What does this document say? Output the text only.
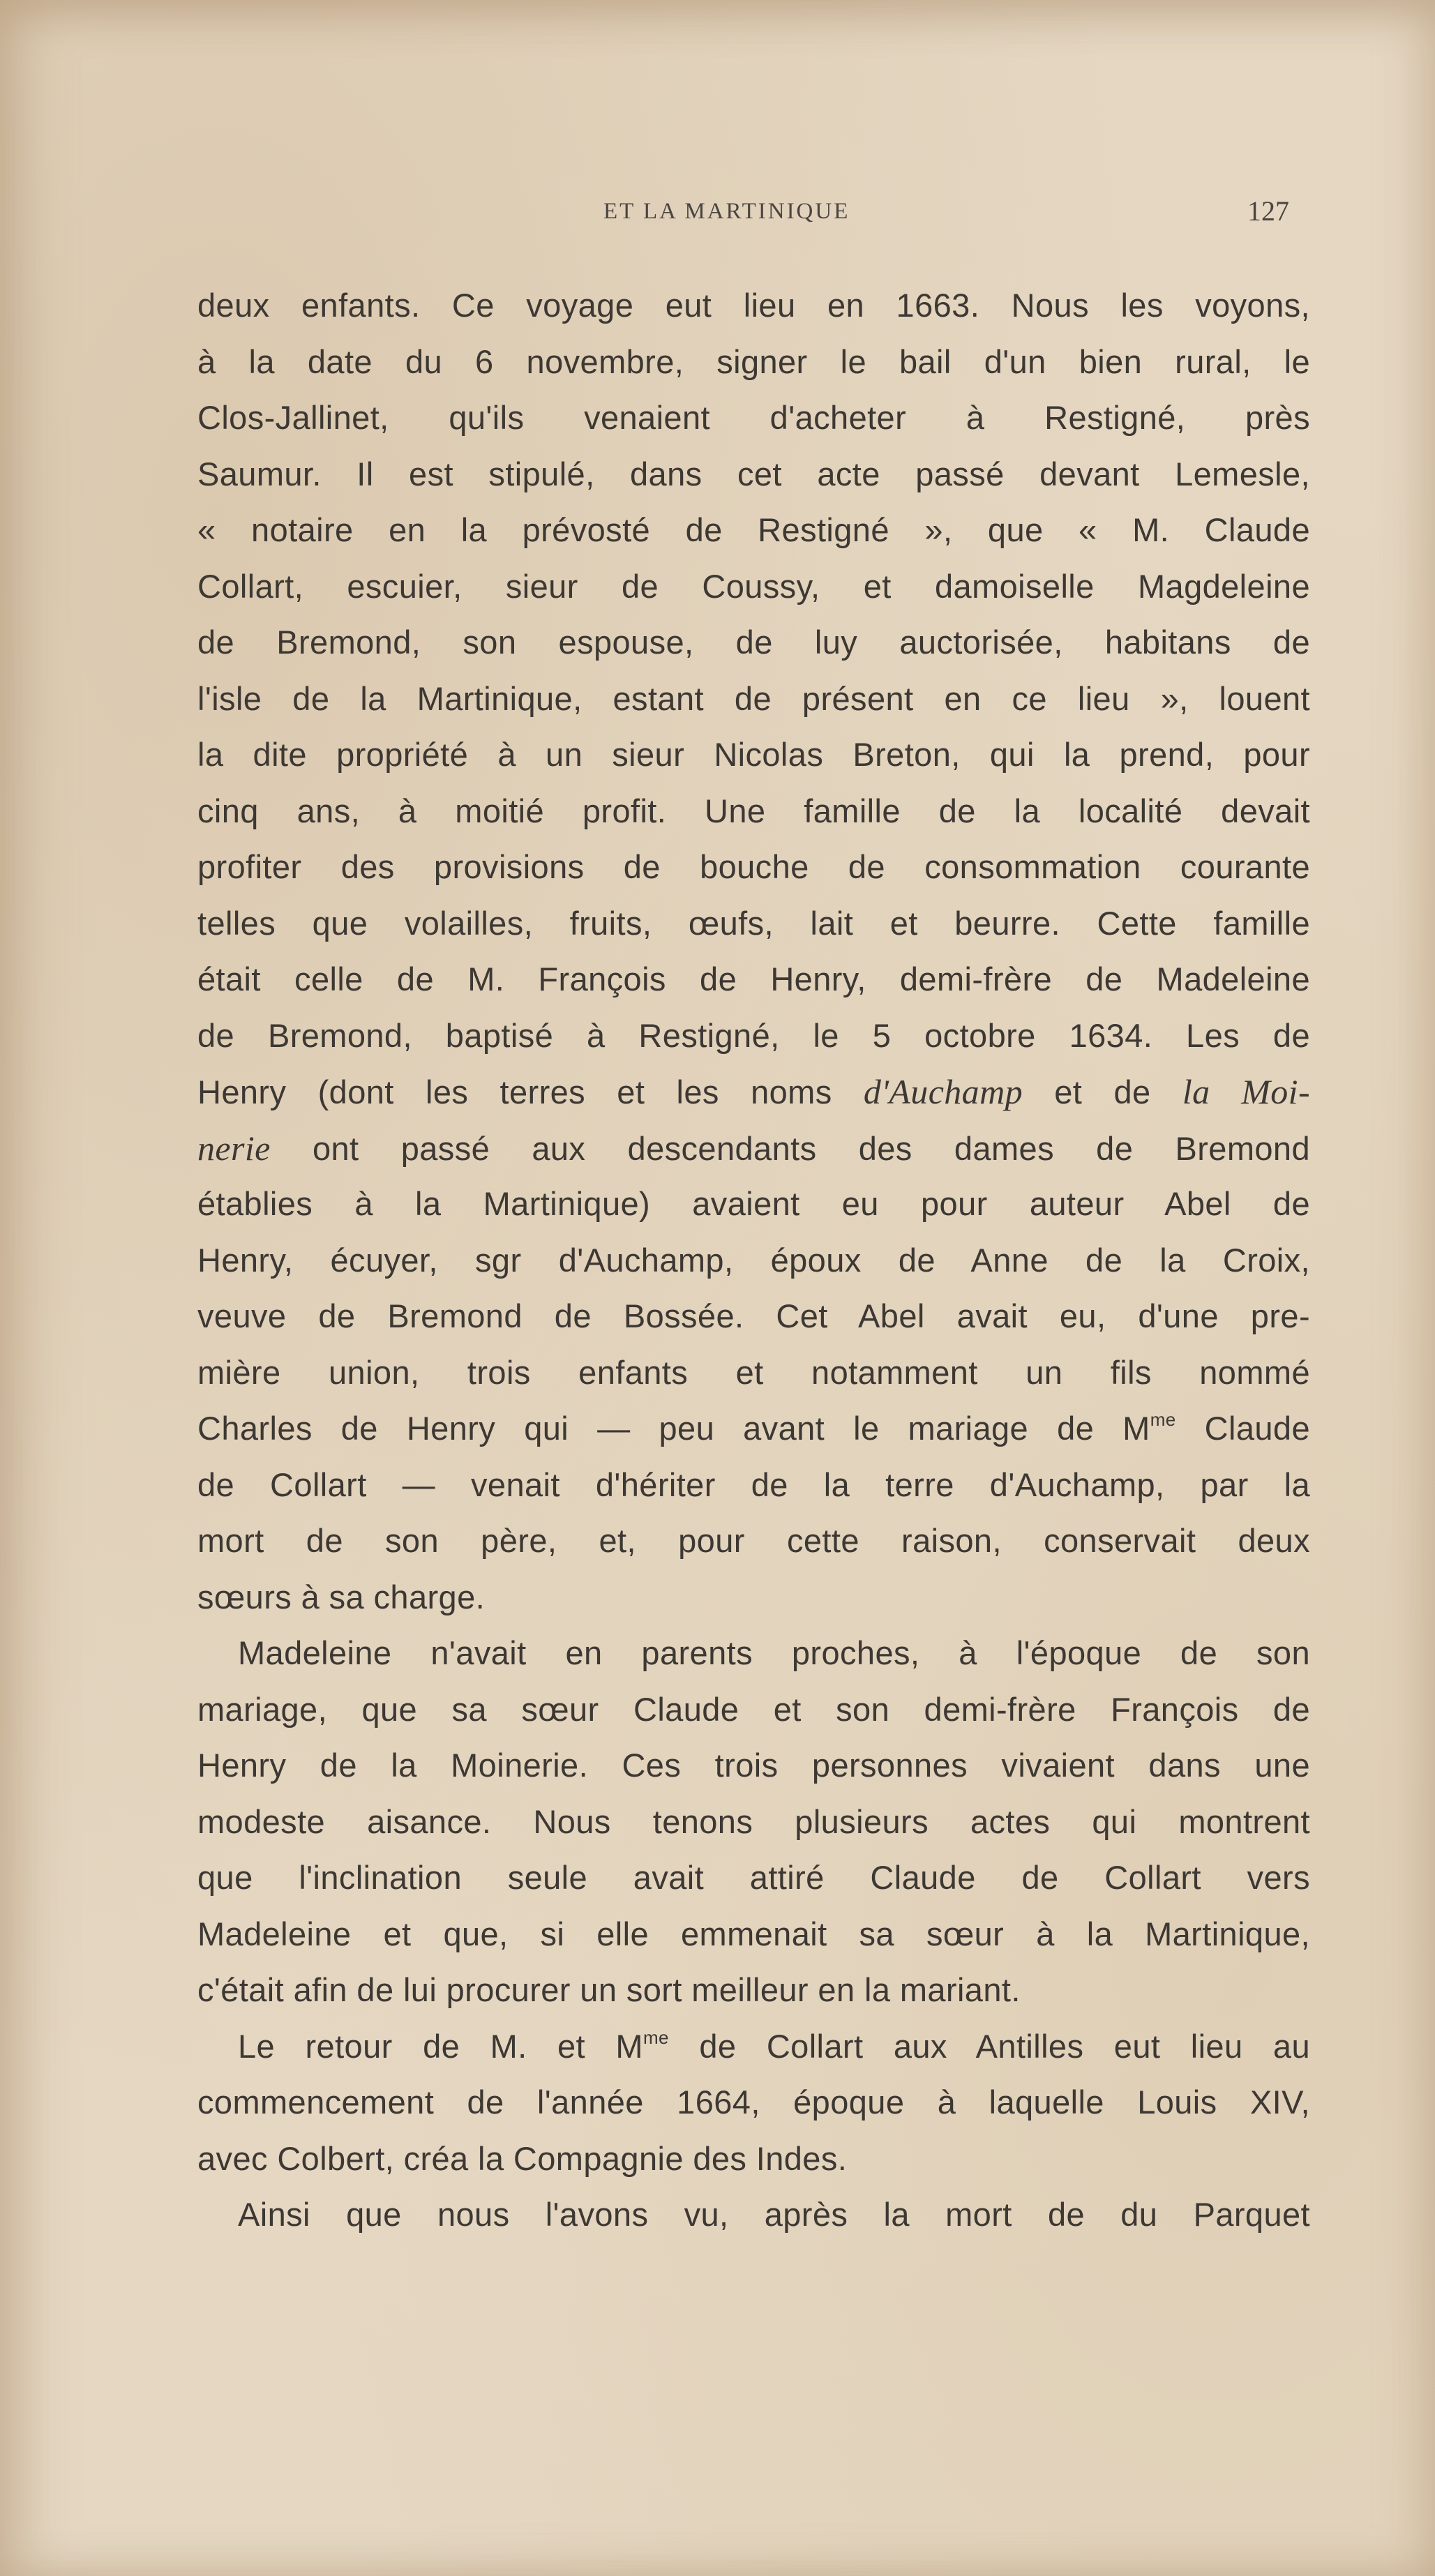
ET LA MARTINIQUE	127
deux enfants. Ce voyage eut lieu en 1663. Nous les voyons,
à la date du 6 novembre, signer le bail d'un bien rural, le
Clos-Jallinet, qu'ils venaient d'acheter à Restigné, près
Saumur. Il est stipulé, dans cet acte passé devant Lemesle,
« notaire en la prévosté de Restigné », que « M. Claude
Collart, escuier, sieur de Coussy, et damoiselle Magdeleine
de Bremond, son espouse, de luy auctorisée, habitans de
l'isle de la Martinique, estant de présent en ce lieu », louent
la dite propriété à un sieur Nicolas Breton, qui la prend, pour
cinq ans, à moitié profit. Une famille de la localité devait
profiter des provisions de bouche de consommation courante
telles que volailles, fruits, œufs, lait et beurre. Cette famille
était celle de M. François de Henry, demi-frère de Madeleine
de Bremond, baptisé à Restigné, le 5 octobre 1634. Les de
Henry (dont les terres et les noms d'Auchamp et de la Moi-
nerie ont passé aux descendants des dames de Bremond
établies à la Martinique) avaient eu pour auteur Abel de
Henry, écuyer, sgr d'Auchamp, époux de Anne de la Croix,
veuve de Bremond de Bossée. Cet Abel avait eu, d'une pre-
mière union, trois enfants et notamment un fils nommé
Charles de Henry qui — peu avant le mariage de $M^{me}$ Claude
de Collart — venait d'hériter de la terre d'Auchamp, par la
mort de son père, et, pour cette raison, conservait deux
sœurs à sa charge.
Madeleine n'avait en parents proches, à l'époque de son
mariage, que sa sœur Claude et son demi-frère François de
Henry de la Moinerie. Ces trois personnes vivaient dans une
modeste aisance. Nous tenons plusieurs actes qui montrent
que l'inclination seule avait attiré Claude de Collart vers
Madeleine et que, si elle emmenait sa sœur à la Martinique,
c'était afin de lui procurer un sort meilleur en la mariant.
Le retour de M. et $M^{me}$ de Collart aux Antilles eut lieu au
commencement de l'année 1664, époque à laquelle Louis XIV,
avec Colbert, créa la Compagnie des Indes.
Ainsi que nous l'avons vu, après la mort de du Parquet
